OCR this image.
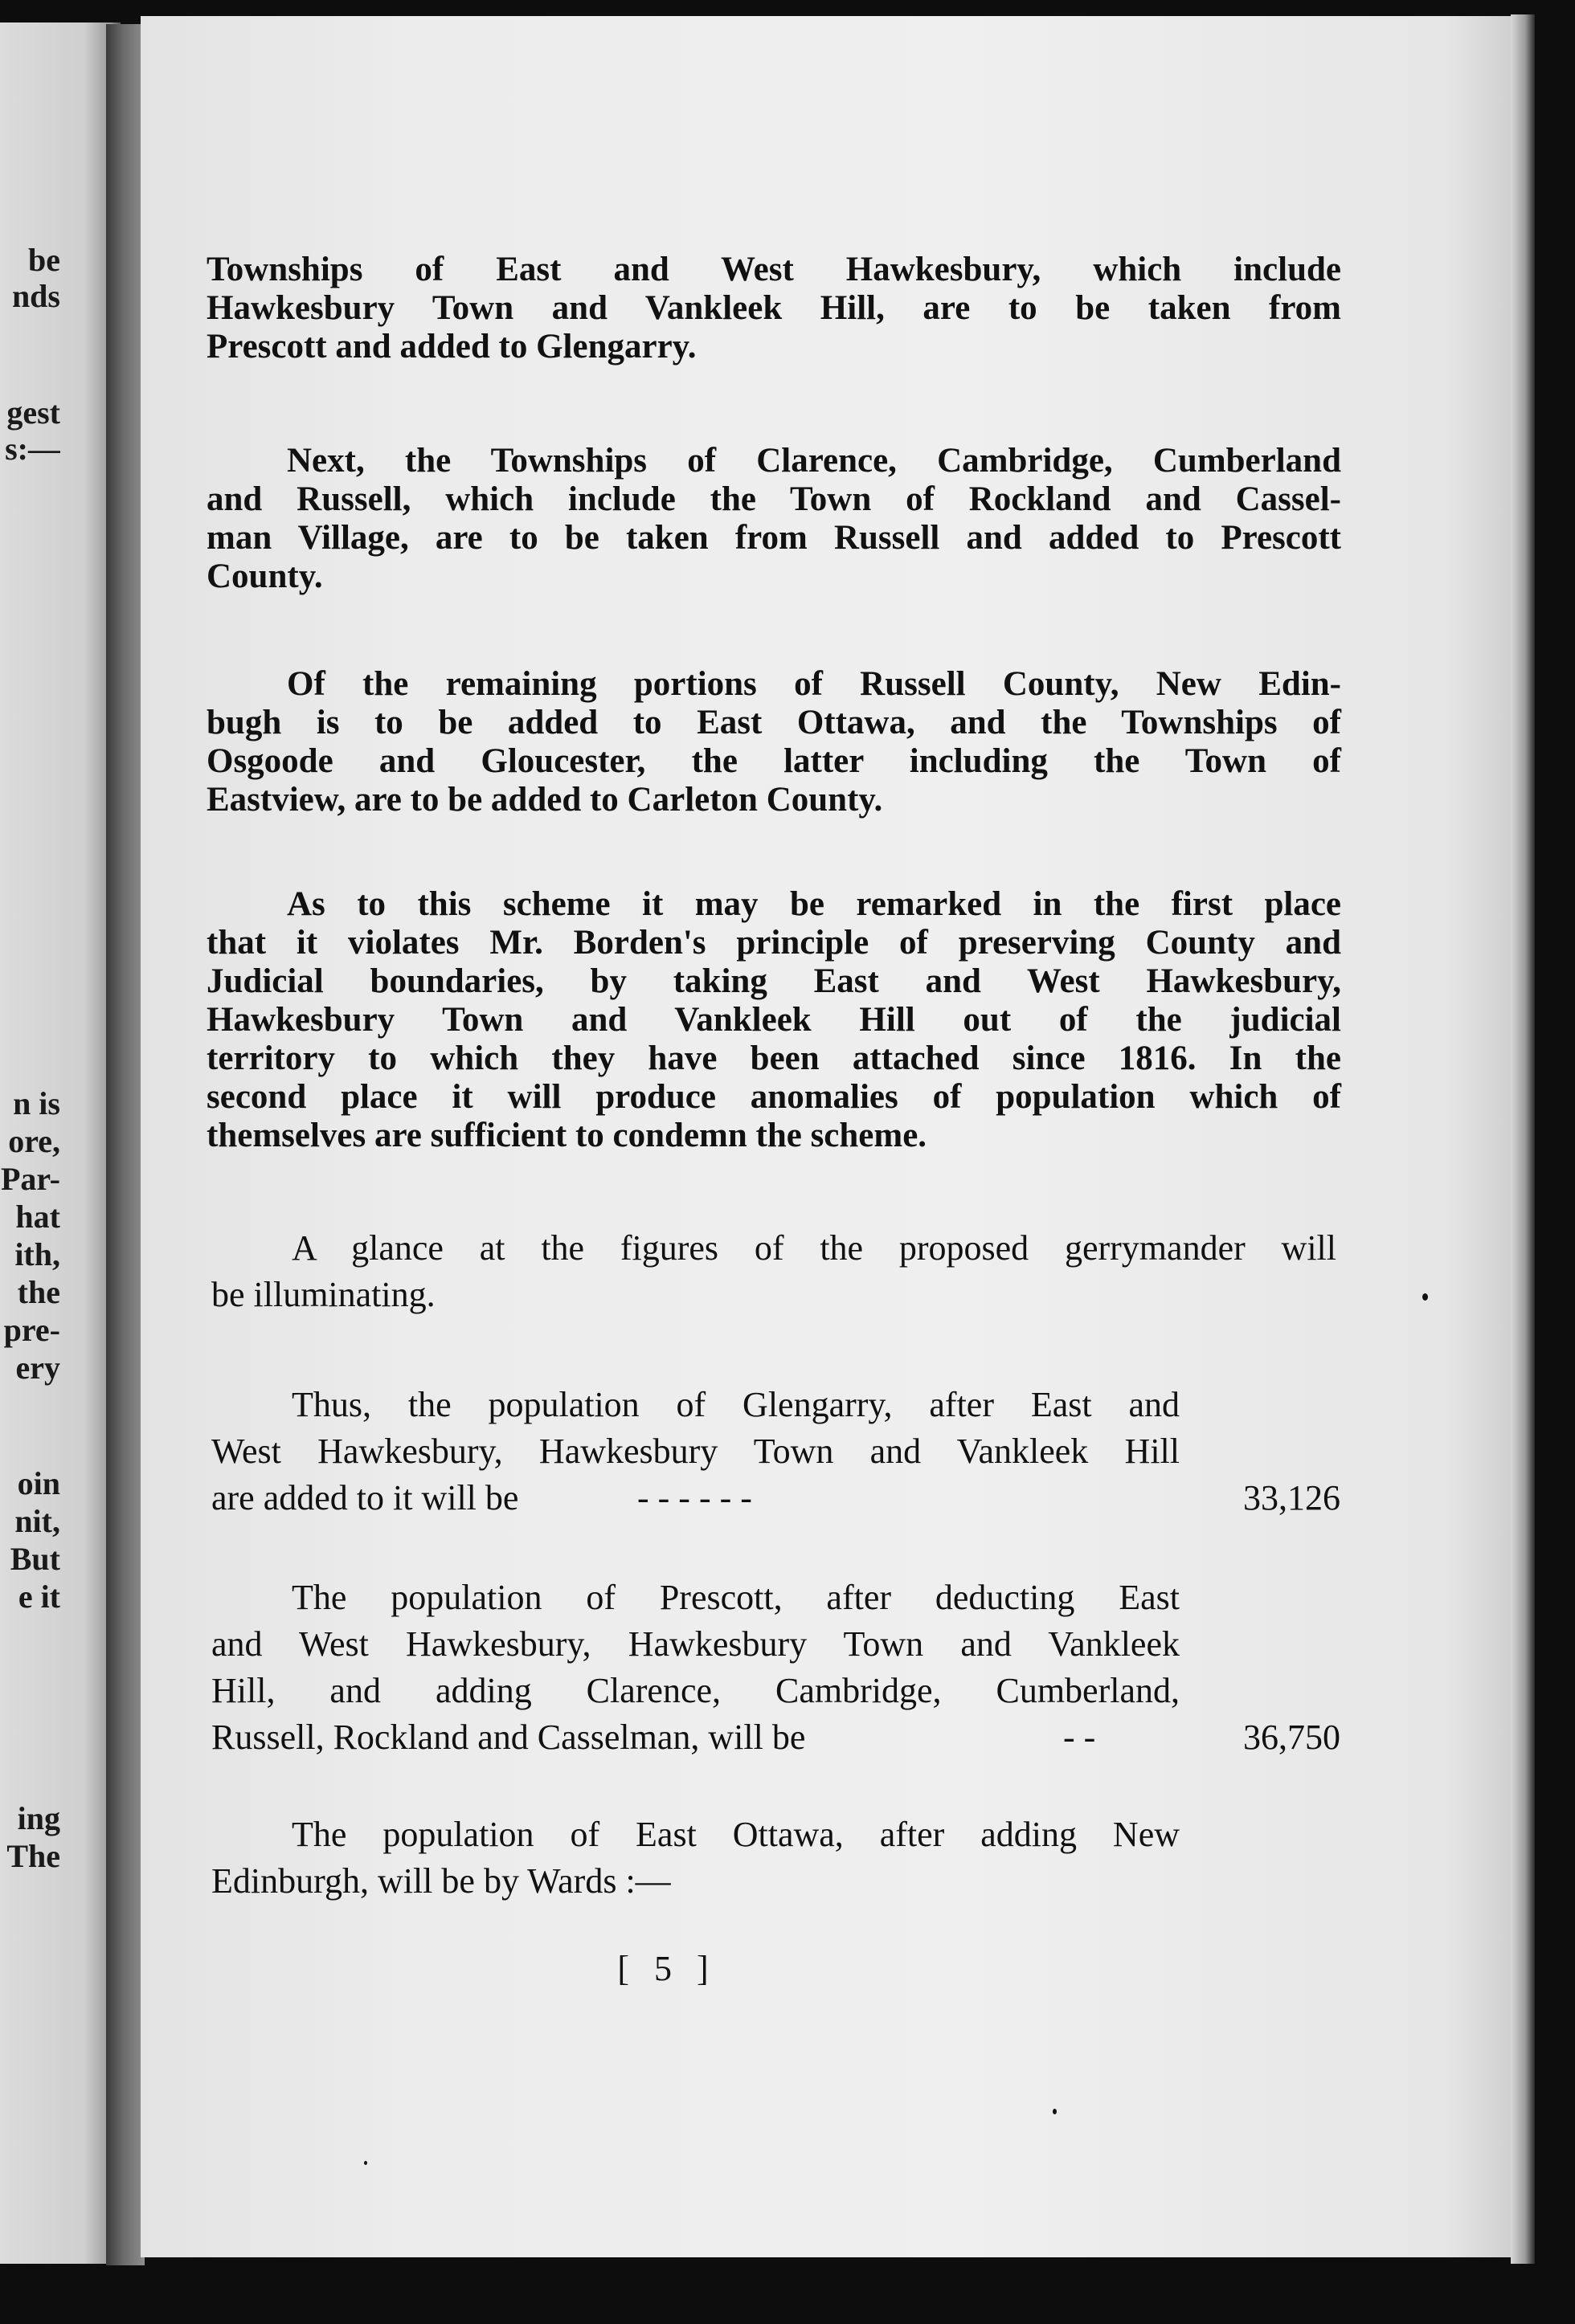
be
nds
gest
s:—
n is
ore,
Par-
hat
ith,
the
pre-
ery
oin
nit,
But
e it
ing
The
Townships of East and West Hawkesbury, which include
Hawkesbury Town and Vankleek Hill, are to be taken from
Prescott and added to Glengarry.
Next, the Townships of Clarence, Cambridge, Cumberland
and Russell, which include the Town of Rockland and Cassel-
man Village, are to be taken from Russell and added to Prescott
County.
Of the remaining portions of Russell County, New Edin-
bugh is to be added to East Ottawa, and the Townships of
Osgoode and Gloucester, the latter including the Town of
Eastview, are to be added to Carleton County.
As to this scheme it may be remarked in the first place
that it violates Mr. Borden's principle of preserving County and
Judicial boundaries, by taking East and West Hawkesbury,
Hawkesbury Town and Vankleek Hill out of the judicial
territory to which they have been attached since 1816. In the
second place it will produce anomalies of population which of
themselves are sufficient to condemn the scheme.
A glance at the figures of the proposed gerrymander will
be illuminating.
Thus, the population of Glengarry, after East and
West Hawkesbury, Hawkesbury Town and Vankleek Hill
are added to it will be	- - - - - -	33,126
The population of Prescott, after deducting East
and West Hawkesbury, Hawkesbury Town and Vankleek
Hill, and adding Clarence, Cambridge, Cumberland,
Russell, Rockland and Casselman, will be	- -	36,750
The population of East Ottawa, after adding New
Edinburgh, will be by Wards :—
[ 5 ]
